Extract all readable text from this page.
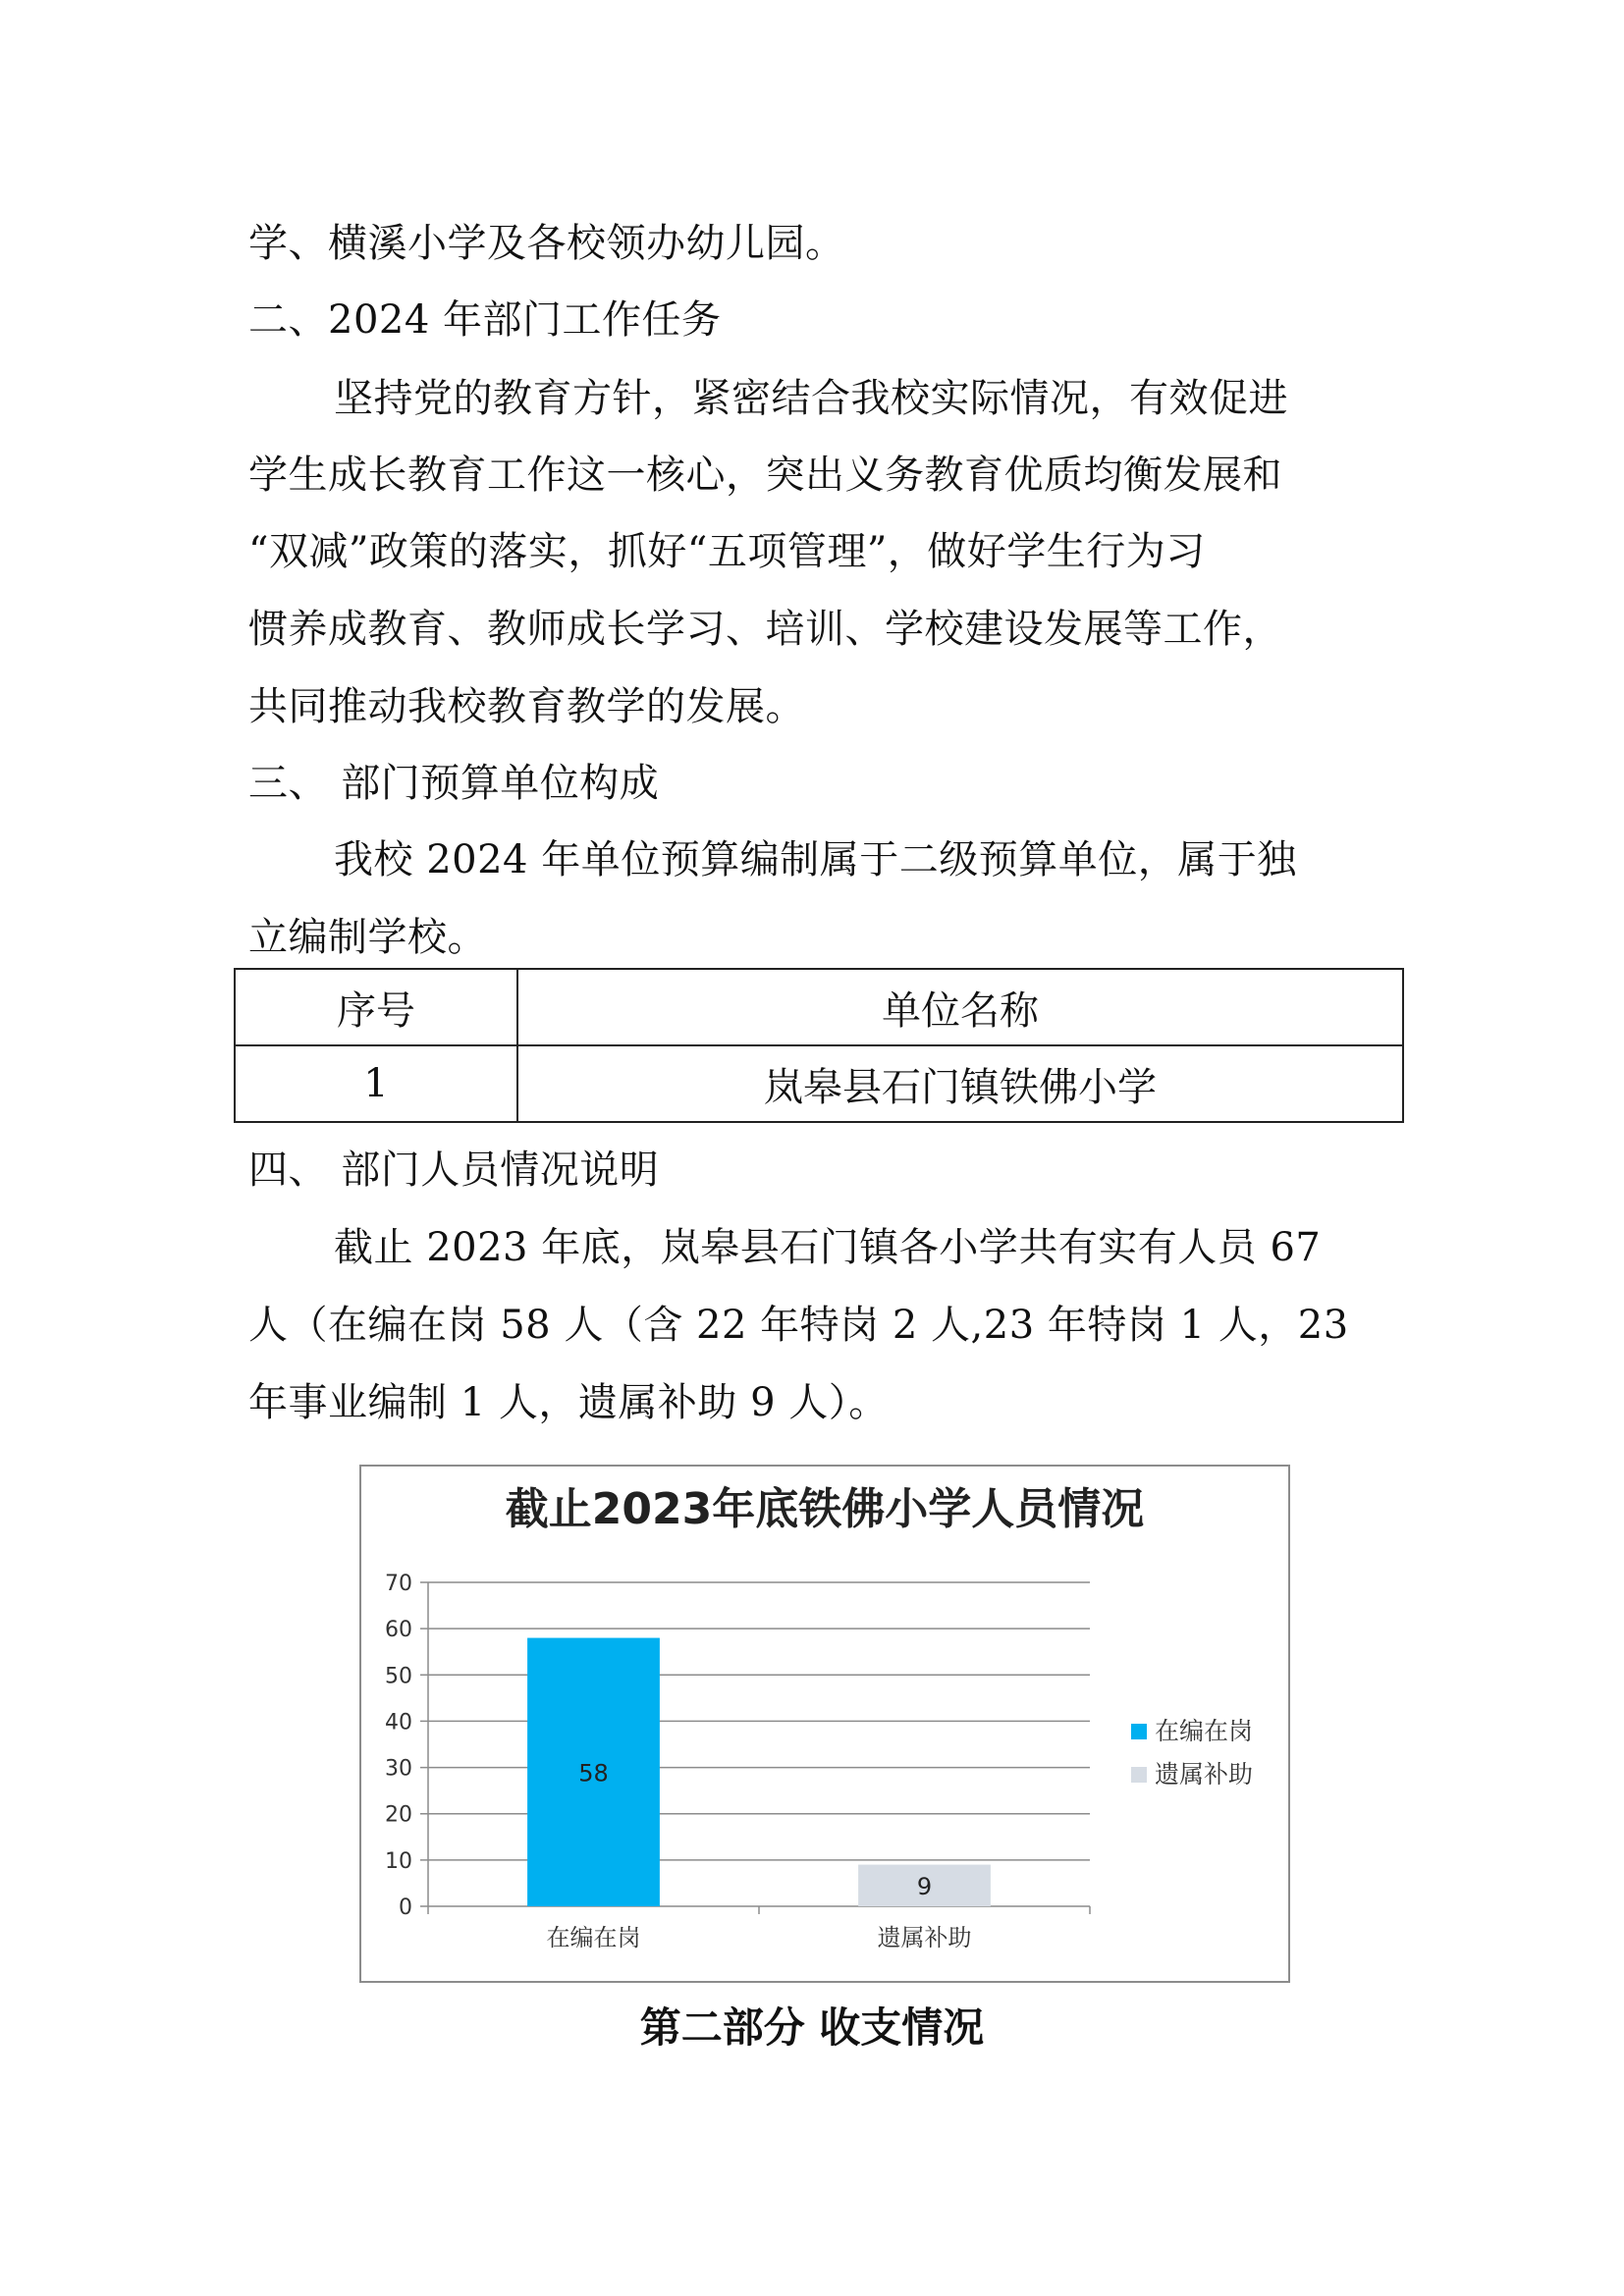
学、横溪小学及各校领办幼儿园。
二、2024 年部门工作任务
坚持党的教育方针，紧密结合我校实际情况，有效促进
学生成长教育工作这一核心，突出义务教育优质均衡发展和
“双减”政策的落实，抓好“五项管理”，做好学生行为习
惯养成教育、教师成长学习、培训、学校建设发展等工作，
共同推动我校教育教学的发展。
三、 部门预算单位构成
我校 2024 年单位预算编制属于二级预算单位，属于独
立编制学校。
序号	单位名称
1	岚皋县石门镇铁佛小学
四、 部门人员情况说明
截止 2023 年底，岚皋县石门镇各小学共有实有人员 67
人（在编在岗 58 人（含 22 年特岗 2 人,23 年特岗 1 人，23
年事业编制 1 人，遗属补助 9 人）。
截止2023年底铁佛小学人员情况
0
10
20
30
40
50
60
70
58
在编在岗
9
遗属补助
在编在岗
遗属补助
第二部分 收支情况
